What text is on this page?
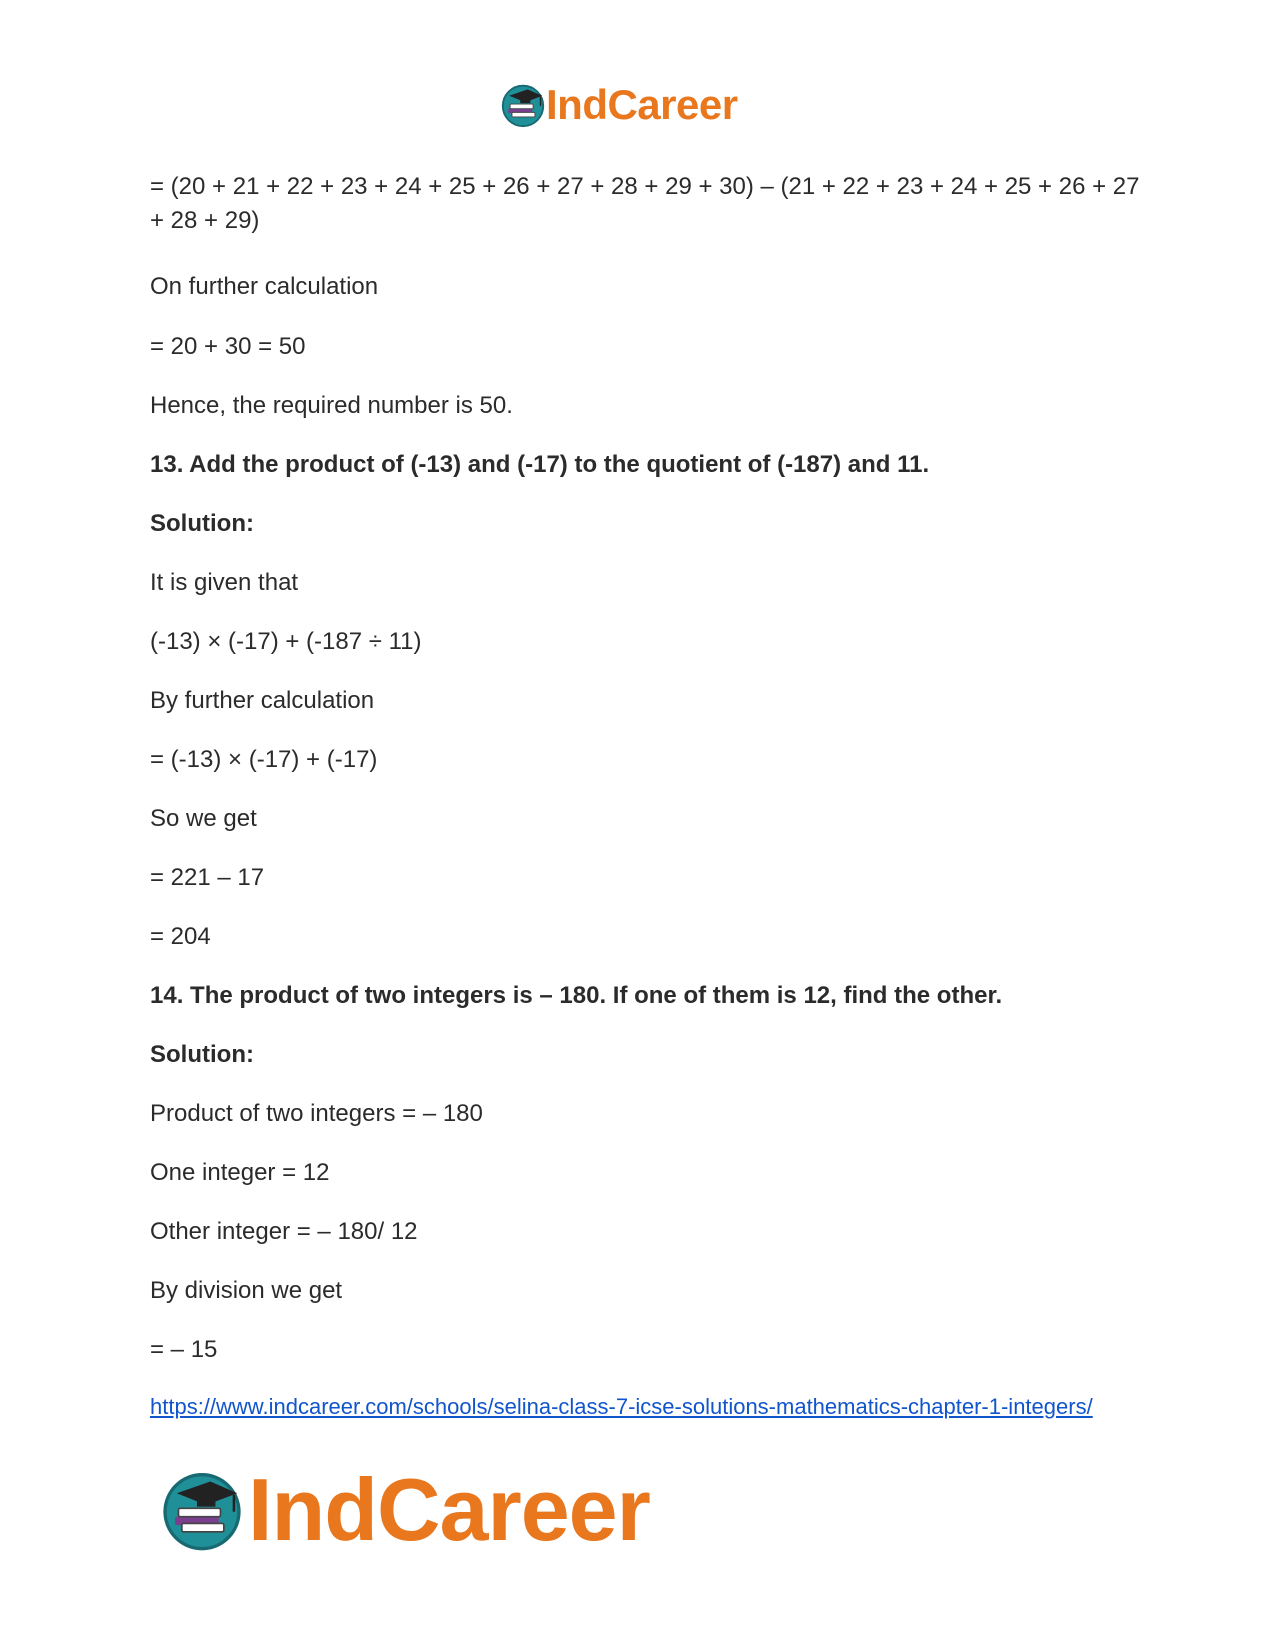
IndCareer
= (20 + 21 + 22 + 23 + 24 + 25 + 26 + 27 + 28 + 29 + 30) – (21 + 22 + 23 + 24 + 25 + 26 + 27 + 28 + 29)
On further calculation
= 20 + 30 = 50
Hence, the required number is 50.
13. Add the product of (-13) and (-17) to the quotient of (-187) and 11.
Solution:
It is given that
(-13) × (-17) + (-187 ÷ 11)
By further calculation
= (-13) × (-17) + (-17)
So we get
= 221 – 17
= 204
14. The product of two integers is – 180. If one of them is 12, find the other.
Solution:
Product of two integers = – 180
One integer = 12
Other integer = – 180/ 12
By division we get
= – 15
https://www.indcareer.com/schools/selina-class-7-icse-solutions-mathematics-chapter-1-integers/
IndCareer
